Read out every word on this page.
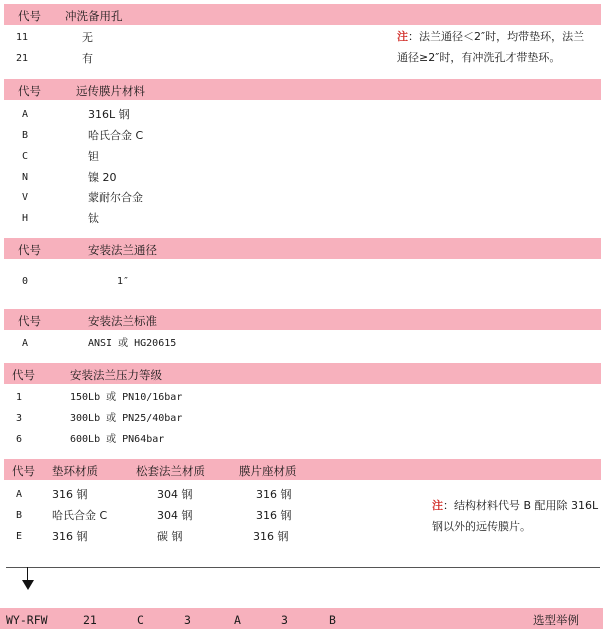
代号 冲洗备用孔
11	无
21	有
注：法兰通径＜2″时，均带垫环，法兰
通径≥2″时，有冲洗孔才带垫环。
代号	远传膜片材料
A	316L 钢
B	哈氏合金 C
C	钽
N	镍 20
V	蒙耐尔合金
H	钛
代号	安装法兰通径
0	1″
代号	安装法兰标准
A	ANSI 或 HG20615
代号	安装法兰压力等级
1	150Lb 或 PN10/16bar
3	300Lb 或 PN25/40bar
6	600Lb 或 PN64bar
代号 垫环材质	松套法兰材质	膜片座材质
A	316 钢	304 钢	316 钢
B	哈氏合金 C	304 钢	316 钢
E	316 钢	碳 钢	316 钢
注：结构材料代号 B 配用除 316L
钢以外的远传膜片。
WY-RFW	21	C	3	A	3	B	选型举例
